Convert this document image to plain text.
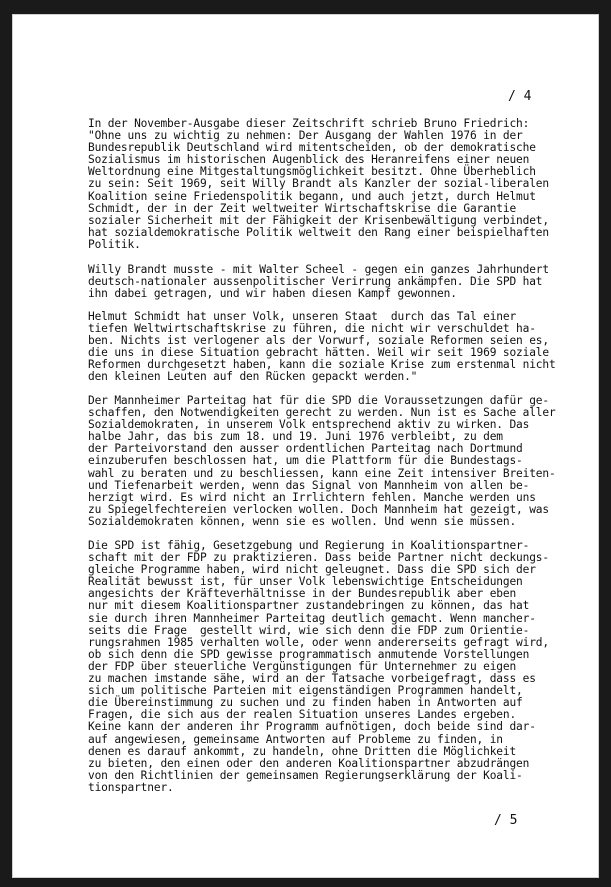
/ 4
In der November-Ausgabe dieser Zeitschrift schrieb Bruno Friedrich:
"Ohne uns zu wichtig zu nehmen: Der Ausgang der Wahlen 1976 in der
Bundesrepublik Deutschland wird mitentscheiden, ob der demokratische
Sozialismus im historischen Augenblick des Heranreifens einer neuen
Weltordnung eine Mitgestaltungsmöglichkeit besitzt. Ohne Überheblich
zu sein: Seit 1969, seit Willy Brandt als Kanzler der sozial-liberalen
Koalition seine Friedenspolitik begann, und auch jetzt, durch Helmut
Schmidt, der in der Zeit weltweiter Wirtschaftskrise die Garantie
sozialer Sicherheit mit der Fähigkeit der Krisenbewältigung verbindet,
hat sozialdemokratische Politik weltweit den Rang einer beispielhaften
Politik.
Willy Brandt musste - mit Walter Scheel - gegen ein ganzes Jahrhundert
deutsch-nationaler aussenpolitischer Verirrung ankämpfen. Die SPD hat
ihn dabei getragen, und wir haben diesen Kampf gewonnen.
Helmut Schmidt hat unser Volk, unseren Staat  durch das Tal einer
tiefen Weltwirtschaftskrise zu führen, die nicht wir verschuldet ha-
ben. Nichts ist verlogener als der Vorwurf, soziale Reformen seien es,
die uns in diese Situation gebracht hätten. Weil wir seit 1969 soziale
Reformen durchgesetzt haben, kann die soziale Krise zum erstenmal nicht
den kleinen Leuten auf den Rücken gepackt werden."
Der Mannheimer Parteitag hat für die SPD die Voraussetzungen dafür ge-
schaffen, den Notwendigkeiten gerecht zu werden. Nun ist es Sache aller
Sozialdemokraten, in unserem Volk entsprechend aktiv zu wirken. Das
halbe Jahr, das bis zum 18. und 19. Juni 1976 verbleibt, zu dem
der Parteivorstand den ausser ordentlichen Parteitag nach Dortmund
einzuberufen beschlossen hat, um die Plattform für die Bundestags-
wahl zu beraten und zu beschliessen, kann eine Zeit intensiver Breiten-
und Tiefenarbeit werden, wenn das Signal von Mannheim von allen be-
herzigt wird. Es wird nicht an Irrlichtern fehlen. Manche werden uns
zu Spiegelfechtereien verlocken wollen. Doch Mannheim hat gezeigt, was
Sozialdemokraten können, wenn sie es wollen. Und wenn sie müssen.
Die SPD ist fähig, Gesetzgebung und Regierung in Koalitionspartner-
schaft mit der FDP zu praktizieren. Dass beide Partner nicht deckungs-
gleiche Programme haben, wird nicht geleugnet. Dass die SPD sich der
Realität bewusst ist, für unser Volk lebenswichtige Entscheidungen
angesichts der Kräfteverhältnisse in der Bundesrepublik aber eben
nur mit diesem Koalitionspartner zustandebringen zu können, das hat
sie durch ihren Mannheimer Parteitag deutlich gemacht. Wenn mancher-
seits die Frage  gestellt wird, wie sich denn die FDP zum Orientie-
rungsrahmen 1985 verhalten wolle, oder wenn andererseits gefragt wird,
ob sich denn die SPD gewisse programmatisch anmutende Vorstellungen
der FDP über steuerliche Vergünstigungen für Unternehmer zu eigen
zu machen imstande sähe, wird an der Tatsache vorbeigefragt, dass es
sich um politische Parteien mit eigenständigen Programmen handelt,
die Übereinstimmung zu suchen und zu finden haben in Antworten auf
Fragen, die sich aus der realen Situation unseres Landes ergeben.
Keine kann der anderen ihr Programm aufnötigen, doch beide sind dar-
auf angewiesen, gemeinsame Antworten auf Probleme zu finden, in
denen es darauf ankommt, zu handeln, ohne Dritten die Möglichkeit
zu bieten, den einen oder den anderen Koalitionspartner abzudrängen
von den Richtlinien der gemeinsamen Regierungserklärung der Koali-
tionspartner.
/ 5
